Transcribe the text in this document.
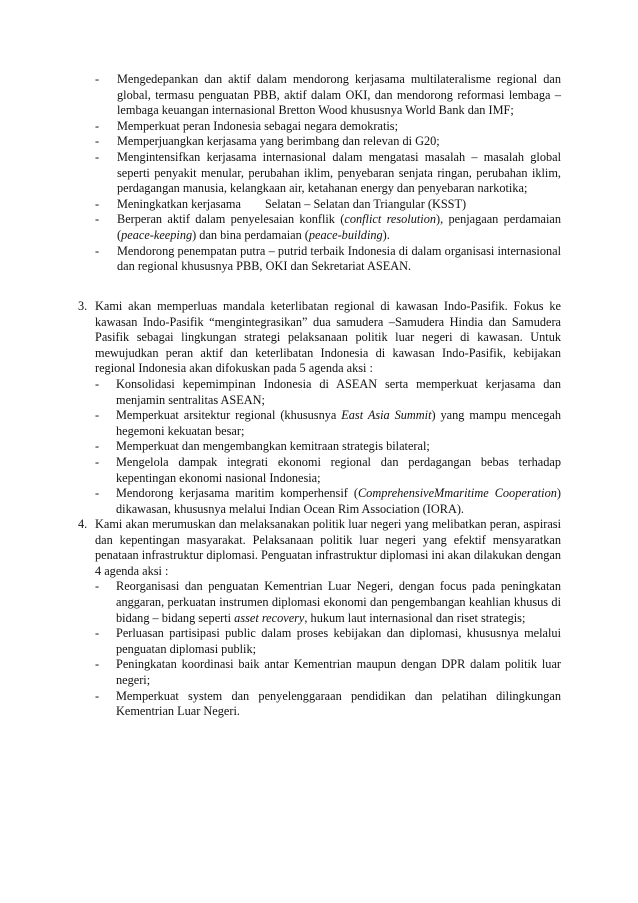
- Mengedepankan dan aktif dalam mendorong kerjasama multilateralisme regional dan global, termasu penguatan PBB, aktif dalam OKI, dan mendorong reformasi lembaga – lembaga keuangan internasional Bretton Wood khususnya World Bank dan IMF;

- Memperkuat peran Indonesia sebagai negara demokratis;

- Memperjuangkan kerjasama yang berimbang dan relevan di G20;

- Mengintensifkan kerjasama internasional dalam mengatasi masalah – masalah global seperti penyakit menular, perubahan iklim, penyebaran senjata ringan, perubahan iklim, perdagangan manusia, kelangkaan air, ketahanan energy dan penyebaran narkotika;

- Meningkatkan kerjasama Selatan – Selatan dan Triangular (KSST)

- Berperan aktif dalam penyelesaian konflik (conflict resolution), penjagaan perdamaian (peace-keeping) dan bina perdamaian (peace-building).

- Mendorong penempatan putra – putrid terbaik Indonesia di dalam organisasi internasional dan regional khususnya PBB, OKI dan Sekretariat ASEAN.

3. Kami akan memperluas mandala keterlibatan regional di kawasan Indo-Pasifik. Fokus ke kawasan Indo-Pasifik “mengintegrasikan” dua samudera –Samudera Hindia dan Samudera Pasifik sebagai lingkungan strategi pelaksanaan politik luar negeri di kawasan. Untuk mewujudkan peran aktif dan keterlibatan Indonesia di kawasan Indo-Pasifik, kebijakan regional Indonesia akan difokuskan pada 5 agenda aksi :

- Konsolidasi kepemimpinan Indonesia di ASEAN serta memperkuat kerjasama dan menjamin sentralitas ASEAN;

- Memperkuat arsitektur regional (khususnya East Asia Summit) yang mampu mencegah hegemoni kekuatan besar;

- Memperkuat dan mengembangkan kemitraan strategis bilateral;

- Mengelola dampak integrati ekonomi regional dan perdagangan bebas terhadap kepentingan ekonomi nasional Indonesia;

- Mendorong kerjasama maritim komperhensif (ComprehensiveMmaritime Cooperation) dikawasan, khususnya melalui Indian Ocean Rim Association (IORA).

4. Kami akan merumuskan dan melaksanakan politik luar negeri yang melibatkan peran, aspirasi dan kepentingan masyarakat. Pelaksanaan politik luar negeri yang efektif mensyaratkan penataan infrastruktur diplomasi. Penguatan infrastruktur diplomasi ini akan dilakukan dengan 4 agenda aksi :

- Reorganisasi dan penguatan Kementrian Luar Negeri, dengan focus pada peningkatan anggaran, perkuatan instrumen diplomasi ekonomi dan pengembangan keahlian khusus di bidang – bidang seperti asset recovery, hukum laut internasional dan riset strategis;

- Perluasan partisipasi public dalam proses kebijakan dan diplomasi, khususnya melalui penguatan diplomasi publik;

- Peningkatan koordinasi baik antar Kementrian maupun dengan DPR dalam politik luar negeri;

- Memperkuat system dan penyelenggaraan pendidikan dan pelatihan dilingkungan Kementrian Luar Negeri.
